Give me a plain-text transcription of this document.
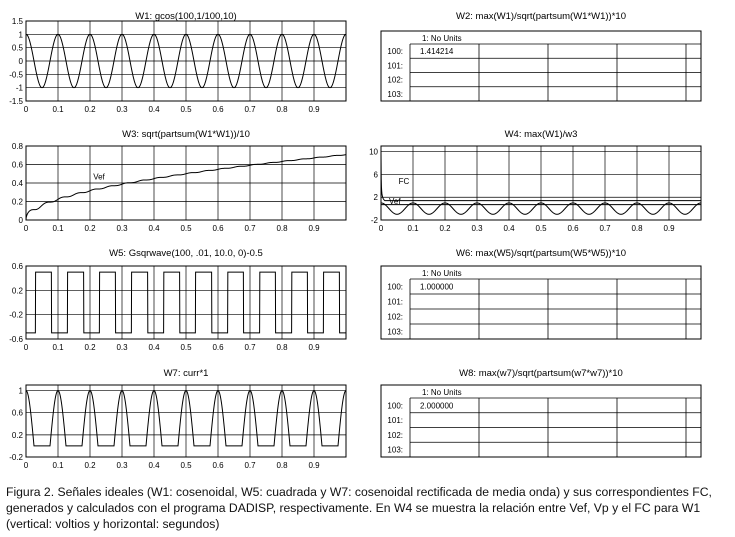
W1: gcos(100,1/100,10)
0	0.1	0.2	0.3	0.4	0.5	0.6	0.7	0.8	0.9
1.5
1
0.5
0
-0.5
-1
-1.5
W2: max(W1)/sqrt(partsum(W1*W1))*10
1: No Units
100: 1.414214
101:
102:
103:
W3: sqrt(partsum(W1*W1))/10
0	0.1	0.2	0.3	0.4	0.5	0.6	0.7	0.8	0.9
0.8
0.6
0.4
0.2
0
Vef
W4: max(W1)/w3
0	0.1	0.2	0.3	0.4	0.5	0.6	0.7	0.8	0.9
10
6
2
-2
FC
Vef
W5: Gsqrwave(100, .01, 10.0, 0)-0.5
0	0.1	0.2	0.3	0.4	0.5	0.6	0.7	0.8	0.9
0.6
0.2
-0.2
-0.6
W6: max(W5)/sqrt(partsum(W5*W5))*10
1: No Units
100: 1.000000
101:
102:
103:
W7: curr*1
0	0.1	0.2	0.3	0.4	0.5	0.6	0.7	0.8	0.9
1
0.6
0.2
-0.2
W8: max(w7)/sqrt(partsum(w7*w7))*10
1: No Units
100: 2.000000
101:
102:
103:
Figura 2. Señales ideales (W1: cosenoidal, W5: cuadrada y W7: cosenoidal rectificada de media onda) y sus correspondientes FC, generados y calculados con el programa DADISP, respectivamente. En W4 se muestra la relación entre Vef, Vp y el FC para W1 (vertical: voltios y horizontal: segundos)
